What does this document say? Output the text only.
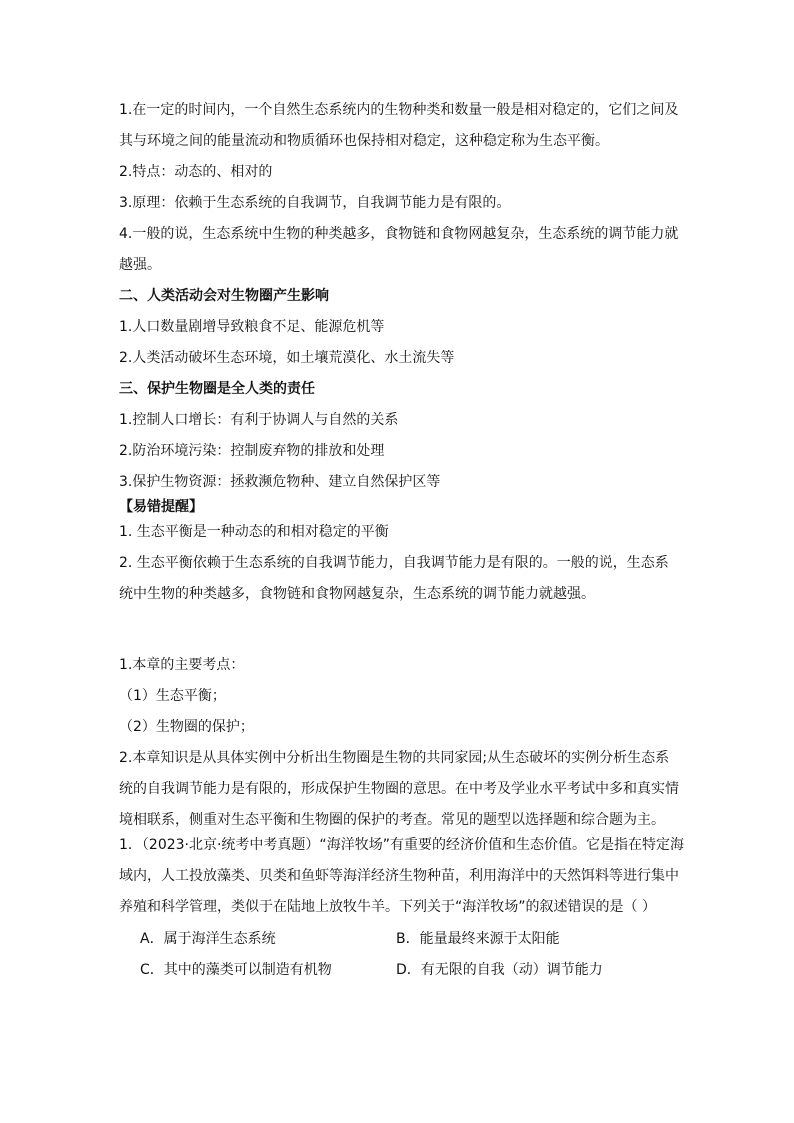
1.在一定的时间内，一个自然生态系统内的生物种类和数量一般是相对稳定的，它们之间及
其与环境之间的能量流动和物质循环也保持相对稳定，这种稳定称为生态平衡。
2.特点：动态的、相对的
3.原理：依赖于生态系统的自我调节，自我调节能力是有限的。
4.一般的说，生态系统中生物的种类越多，食物链和食物网越复杂，生态系统的调节能力就
越强。
二、人类活动会对生物圈产生影响
1.人口数量剧增导致粮食不足、能源危机等
2.人类活动破坏生态环境，如土壤荒漠化、水土流失等
三、保护生物圈是全人类的责任
1.控制人口增长：有利于协调人与自然的关系
2.防治环境污染：控制废弃物的排放和处理
3.保护生物资源：拯救濒危物种、建立自然保护区等
【易错提醒】
1. 生态平衡是一种动态的和相对稳定的平衡
2. 生态平衡依赖于生态系统的自我调节能力，自我调节能力是有限的。一般的说，生态系
统中生物的种类越多，食物链和食物网越复杂，生态系统的调节能力就越强。
1.本章的主要考点：
（1）生态平衡；
（2）生物圈的保护；
2.本章知识是从具体实例中分析出生物圈是生物的共同家园;从生态破坏的实例分析生态系
统的自我调节能力是有限的，形成保护生物圈的意思。在中考及学业水平考试中多和真实情
境相联系，侧重对生态平衡和生物圈的保护的考查。常见的题型以选择题和综合题为主。
1．（2023·北京·统考中考真题）“海洋牧场”有重要的经济价值和生态价值。它是指在特定海
域内，人工投放藻类、贝类和鱼虾等海洋经济生物种苗，利用海洋中的天然饵料等进行集中
养殖和科学管理，类似于在陆地上放牧牛羊。下列关于“海洋牧场”的叙述错误的是（ ）
A．属于海洋生态系统	B．能量最终来源于太阳能
C．其中的藻类可以制造有机物	D．有无限的自我（动）调节能力
